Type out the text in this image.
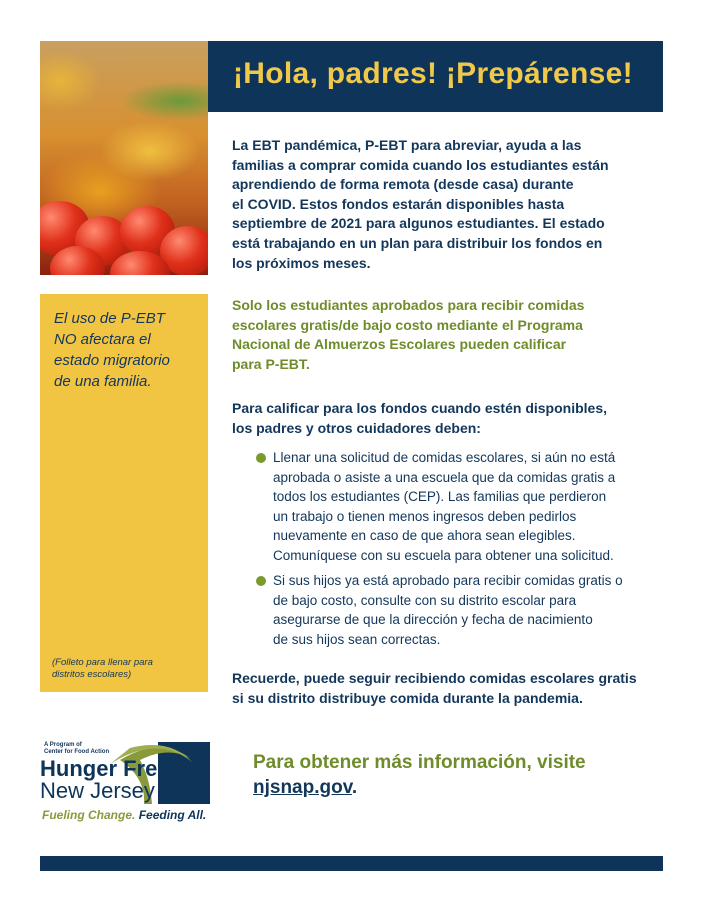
¡Hola, padres! ¡Prepárense!
El uso de P-EBT
NO afectara el
estado migratorio
de una familia.
(Folleto para llenar para
distritos escolares)
La EBT pandémica, P-EBT para abreviar, ayuda a las
familias a comprar comida cuando los estudiantes están
aprendiendo de forma remota (desde casa) durante
el COVID. Estos fondos estarán disponibles hasta
septiembre de 2021 para algunos estudiantes. El estado
está trabajando en un plan para distribuir los fondos en
los próximos meses.
Solo los estudiantes aprobados para recibir comidas
escolares gratis/de bajo costo mediante el Programa
Nacional de Almuerzos Escolares pueden calificar
para P-EBT.
Para calificar para los fondos cuando estén disponibles,
los padres y otros cuidadores deben:
Llenar una solicitud de comidas escolares, si aún no está
aprobada o asiste a una escuela que da comidas gratis a
todos los estudiantes (CEP). Las familias que perdieron
un trabajo o tienen menos ingresos deben pedirlos
nuevamente en caso de que ahora sean elegibles.
Comuníquese con su escuela para obtener una solicitud.
Si sus hijos ya está aprobado para recibir comidas gratis o
de bajo costo, consulte con su distrito escolar para
asegurarse de que la dirección y fecha de nacimiento
de sus hijos sean correctas.
Recuerde, puede seguir recibiendo comidas escolares gratis
si su distrito distribuye comida durante la pandemia.
A Program of
Center for Food Action
Hunger Free
New Jersey
Fueling Change. Feeding All.
Para obtener más información, visite
njsnap.gov.
